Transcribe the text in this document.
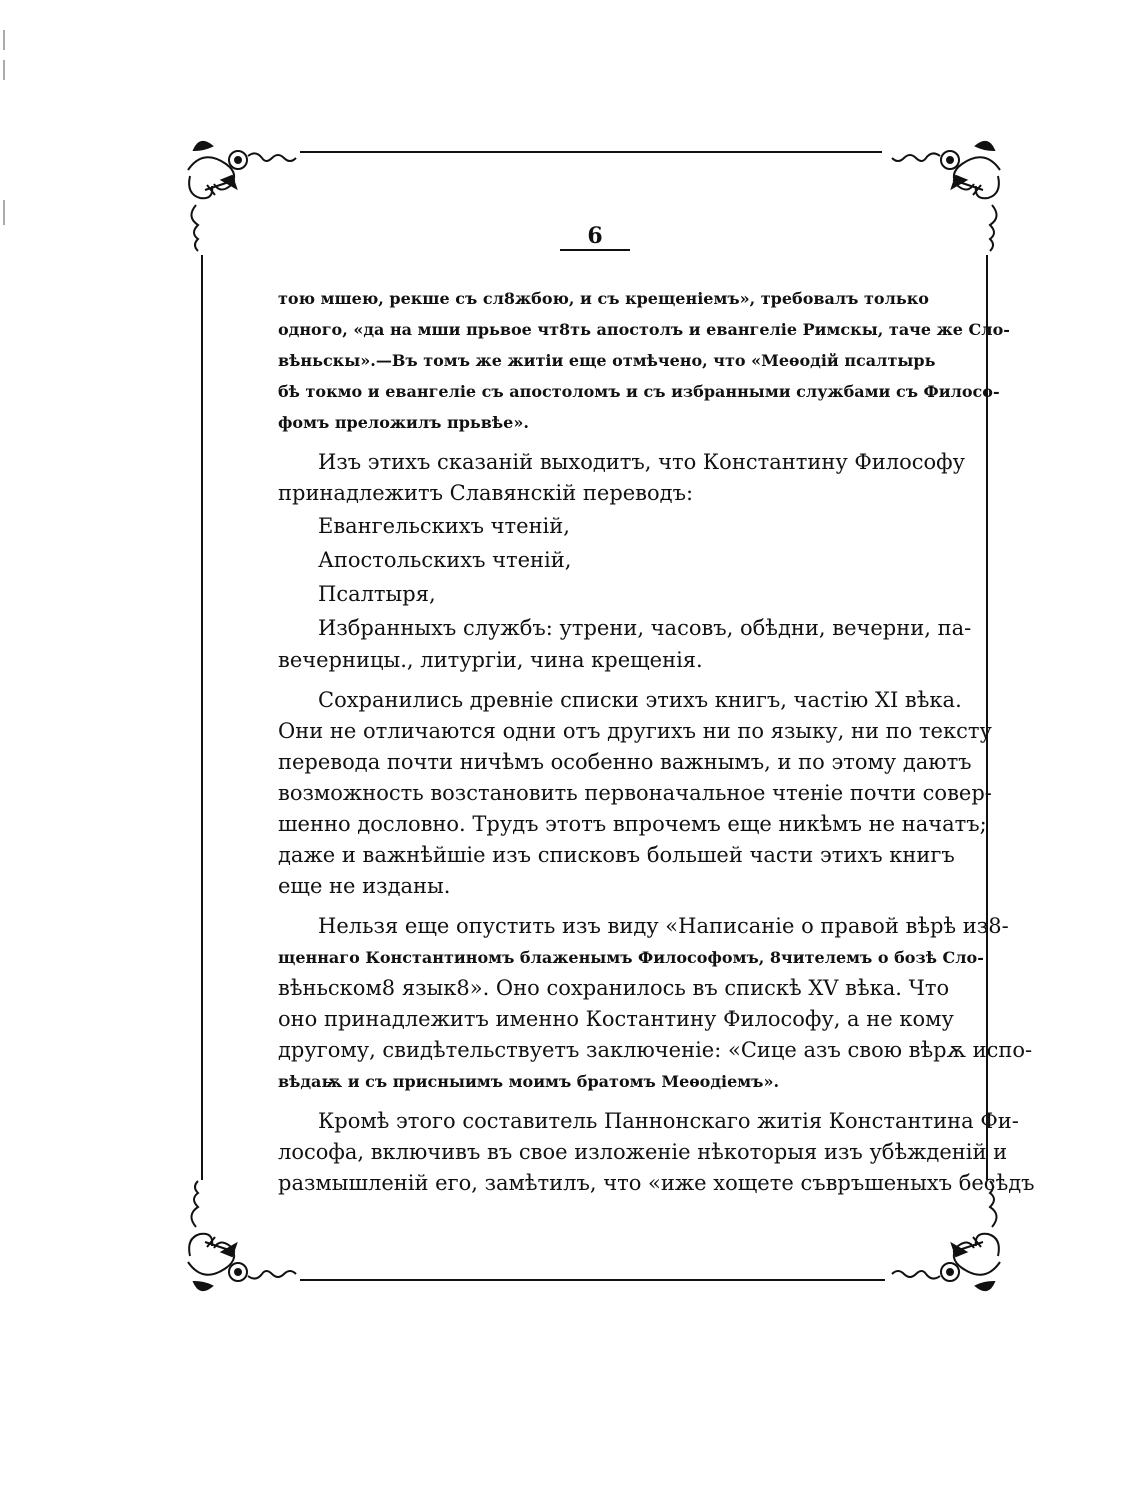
6
тою мшею, рекше съ сл8жбою, и съ крещеніемъ», требовалъ только
одного, «да на мши прьвое чт8ть апостолъ и евангеліе Римскы, таче же Сло-
вѣньскы».—Въ томъ же житіи еще отмѣчено, что «Меѳодій псалтырь
бѣ токмо и евангеліе съ апостоломъ и съ избранными службами съ Филосо-
фомъ преложилъ прьвѣе».
Изъ этихъ сказаній выходитъ, что Константину Философу
принадлежитъ Славянскій переводъ:
Евангельскихъ чтеній,
Апостольскихъ чтеній,
Псалтыря,
Избранныхъ службъ: утрени, часовъ, обѣдни, вечерни, па-
вечерницы., литургіи, чина крещенія.
Сохранились древніе списки этихъ книгъ, частію XI вѣка.
Они не отличаются одни отъ другихъ ни по языку, ни по тексту
перевода почти ничѣмъ особенно важнымъ, и по этому даютъ
возможность возстановить первоначальное чтеніе почти совер-
шенно дословно. Трудъ этотъ впрочемъ еще никѣмъ не начатъ;
даже и важнѣйшіе изъ списковъ большей части этихъ книгъ
еще не изданы.
Нельзя еще опустить изъ виду «Написаніе о правой вѣрѣ из8-
щеннаго Константиномъ блаженымъ Философомъ, 8чителемъ о бозѣ Сло-
вѣньском8 язык8». Оно сохранилось въ спискѣ XV вѣка. Что
оно принадлежитъ именно Костантину Философу, а не кому
другому, свидѣтельствуетъ заключеніе: «Сице азъ свою вѣрѫ испо-
вѣдаѭ и съ присныимъ моимъ братомъ Меѳодіемъ».
Кромѣ этого составитель Паннонскаго житія Константина Фи-
лософа, включивъ въ свое изложеніе нѣкоторыя изъ убѣжденій и
размышленій его, замѣтилъ, что «иже хощете съвръшеныхъ бесѣдъ
